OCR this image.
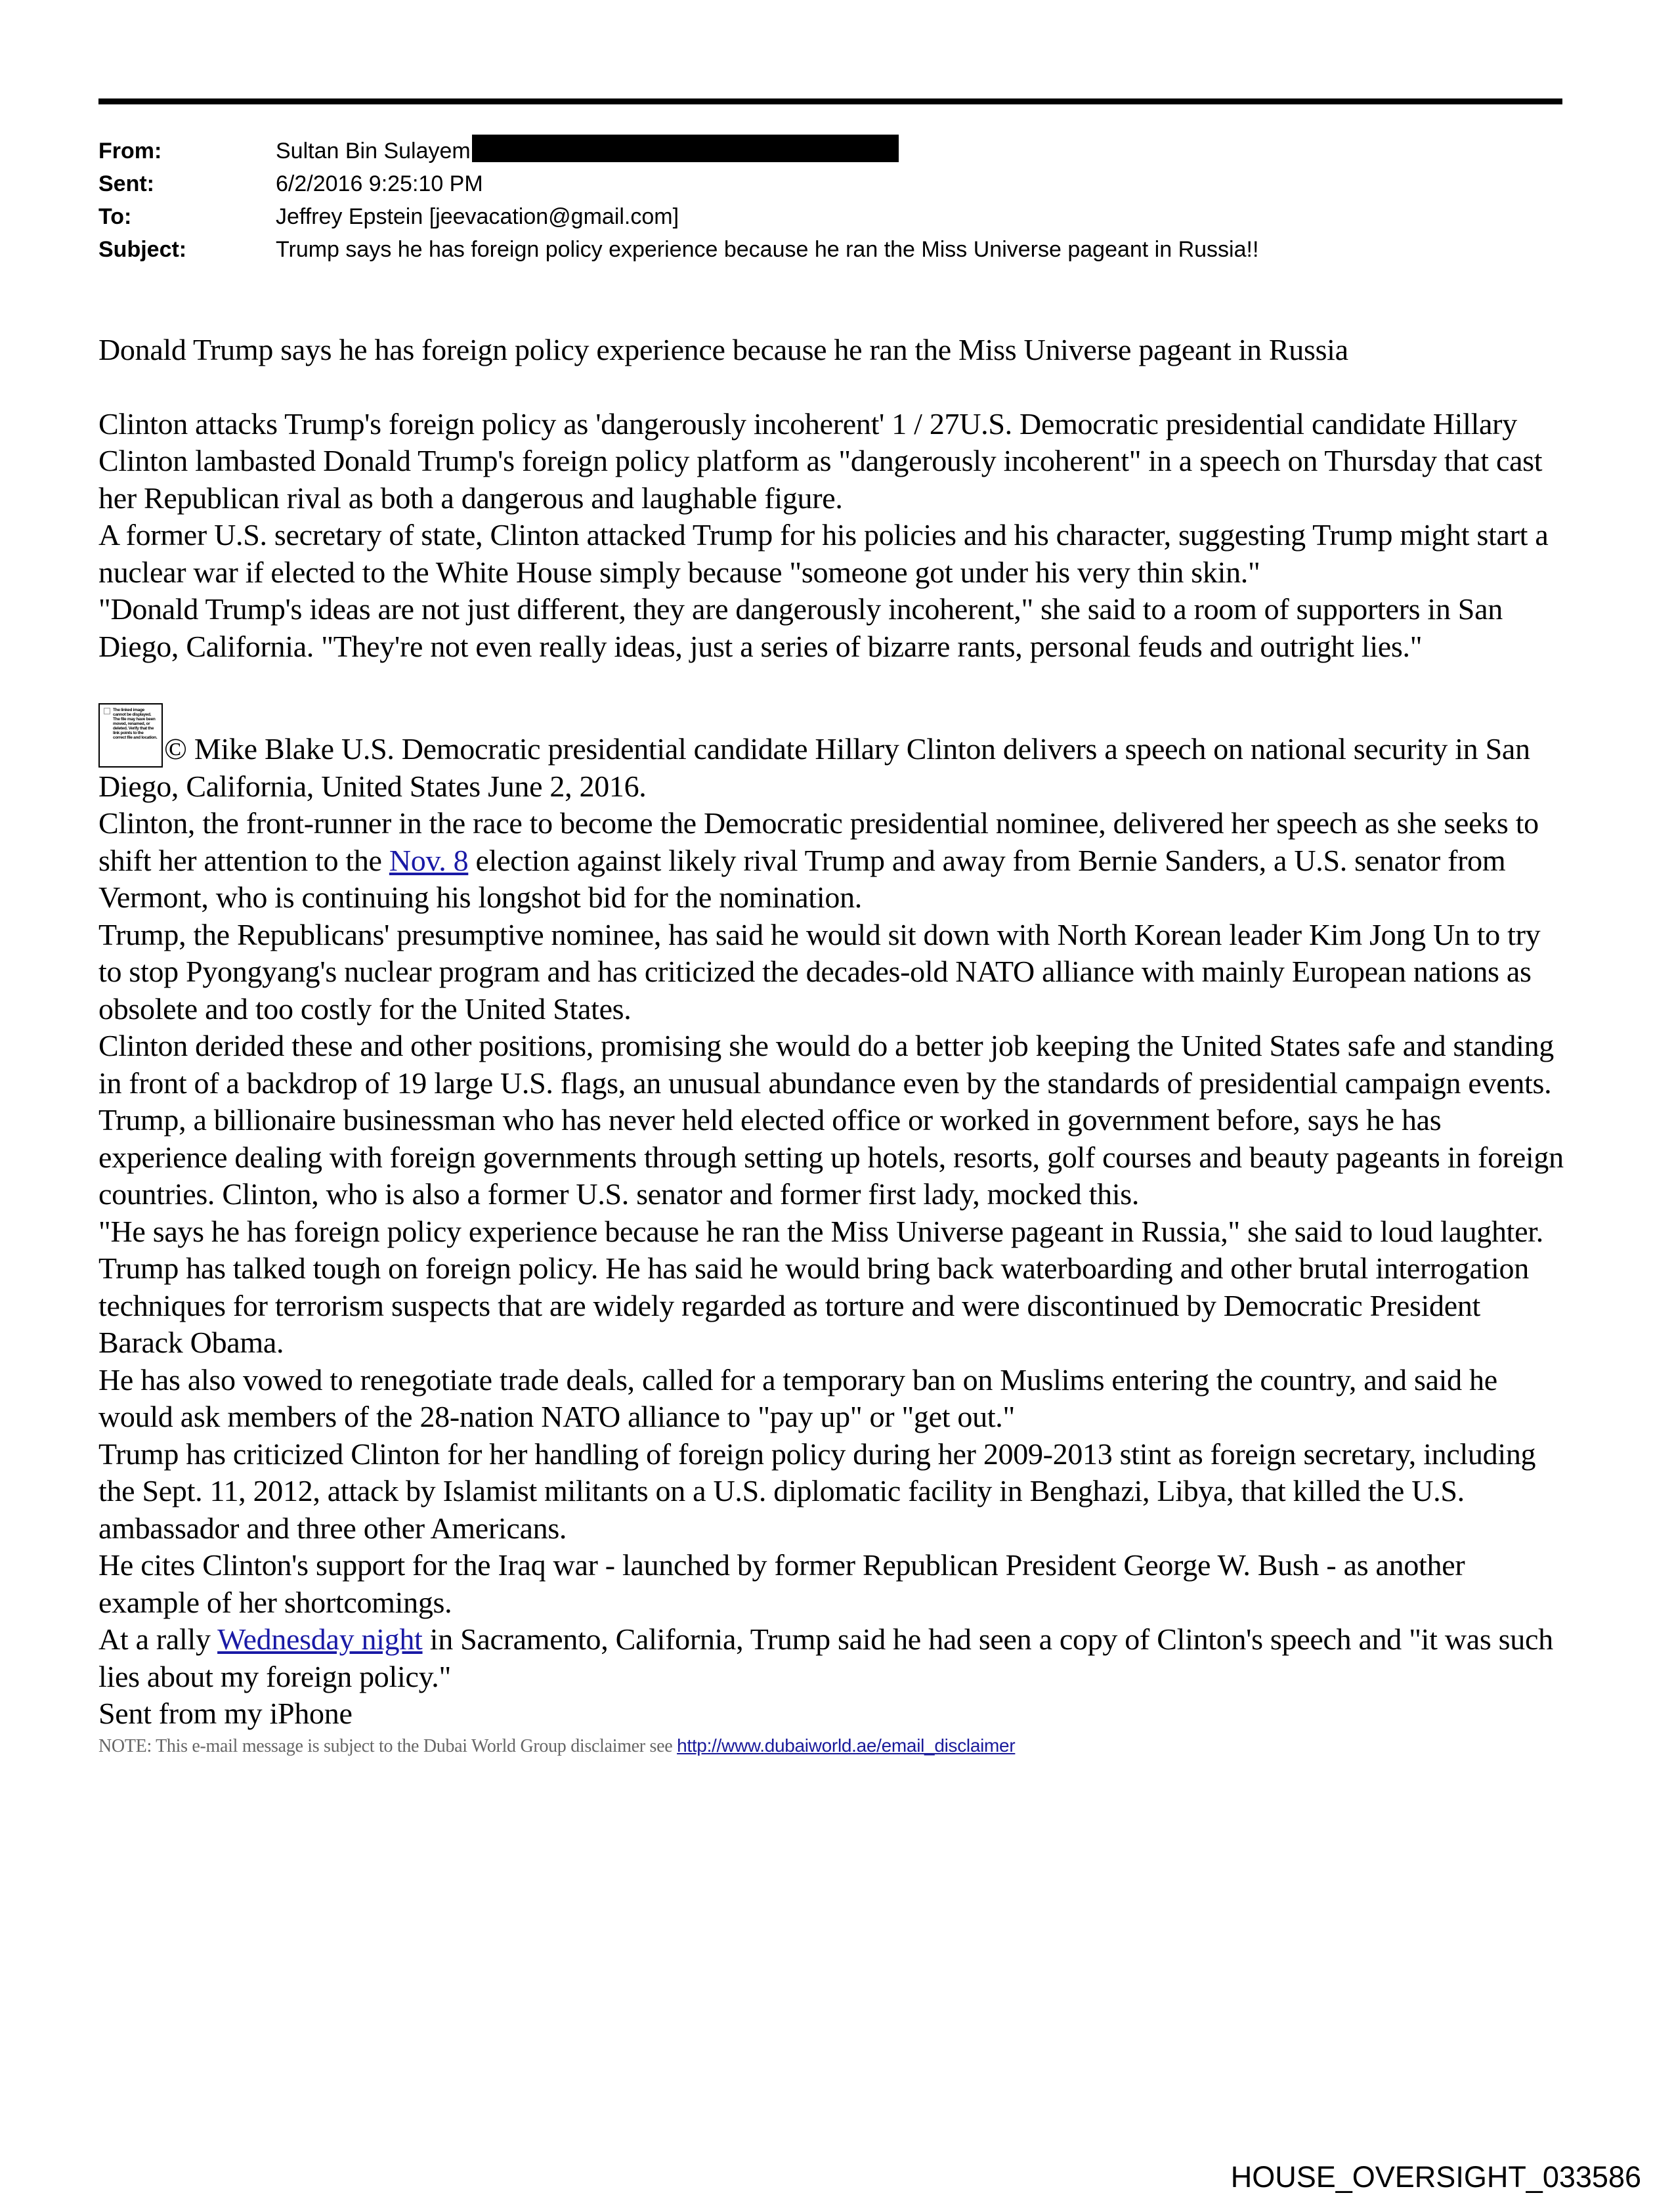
From:	Sultan Bin Sulayem
Sent:	6/2/2016 9:25:10 PM
To:	Jeffrey Epstein [jeevacation@gmail.com]
Subject:	Trump says he has foreign policy experience because he ran the Miss Universe pageant in Russia!!

Donald Trump says he has foreign policy experience because he ran the Miss Universe pageant in Russia

Clinton attacks Trump's foreign policy as 'dangerously incoherent' 1 / 27U.S. Democratic presidential candidate Hillary Clinton lambasted Donald Trump's foreign policy platform as "dangerously incoherent" in a speech on Thursday that cast her Republican rival as both a dangerous and laughable figure.

A former U.S. secretary of state, Clinton attacked Trump for his policies and his character, suggesting Trump might start a nuclear war if elected to the White House simply because "someone got under his very thin skin."

"Donald Trump's ideas are not just different, they are dangerously incoherent," she said to a room of supporters in San Diego, California. "They're not even really ideas, just a series of bizarre rants, personal feuds and outright lies."

The linked image cannot be displayed. The file may have been moved, renamed, or deleted. Verify that the link points to the correct file and location. © Mike Blake U.S. Democratic presidential candidate Hillary Clinton delivers a speech on national security in San Diego, California, United States June 2, 2016.

Clinton, the front-runner in the race to become the Democratic presidential nominee, delivered her speech as she seeks to shift her attention to the Nov. 8 election against likely rival Trump and away from Bernie Sanders, a U.S. senator from Vermont, who is continuing his longshot bid for the nomination.

Trump, the Republicans' presumptive nominee, has said he would sit down with North Korean leader Kim Jong Un to try to stop Pyongyang's nuclear program and has criticized the decades-old NATO alliance with mainly European nations as obsolete and too costly for the United States.

Clinton derided these and other positions, promising she would do a better job keeping the United States safe and standing in front of a backdrop of 19 large U.S. flags, an unusual abundance even by the standards of presidential campaign events.

Trump, a billionaire businessman who has never held elected office or worked in government before, says he has experience dealing with foreign governments through setting up hotels, resorts, golf courses and beauty pageants in foreign countries. Clinton, who is also a former U.S. senator and former first lady, mocked this.

"He says he has foreign policy experience because he ran the Miss Universe pageant in Russia," she said to loud laughter.

Trump has talked tough on foreign policy. He has said he would bring back waterboarding and other brutal interrogation techniques for terrorism suspects that are widely regarded as torture and were discontinued by Democratic President Barack Obama.

He has also vowed to renegotiate trade deals, called for a temporary ban on Muslims entering the country, and said he would ask members of the 28-nation NATO alliance to "pay up" or "get out."

Trump has criticized Clinton for her handling of foreign policy during her 2009-2013 stint as foreign secretary, including the Sept. 11, 2012, attack by Islamist militants on a U.S. diplomatic facility in Benghazi, Libya, that killed the U.S. ambassador and three other Americans.

He cites Clinton's support for the Iraq war - launched by former Republican President George W. Bush - as another example of her shortcomings.

At a rally Wednesday night in Sacramento, California, Trump said he had seen a copy of Clinton's speech and "it was such lies about my foreign policy."

Sent from my iPhone

NOTE: This e-mail message is subject to the Dubai World Group disclaimer see http://www.dubaiworld.ae/email_disclaimer

HOUSE_OVERSIGHT_033586
